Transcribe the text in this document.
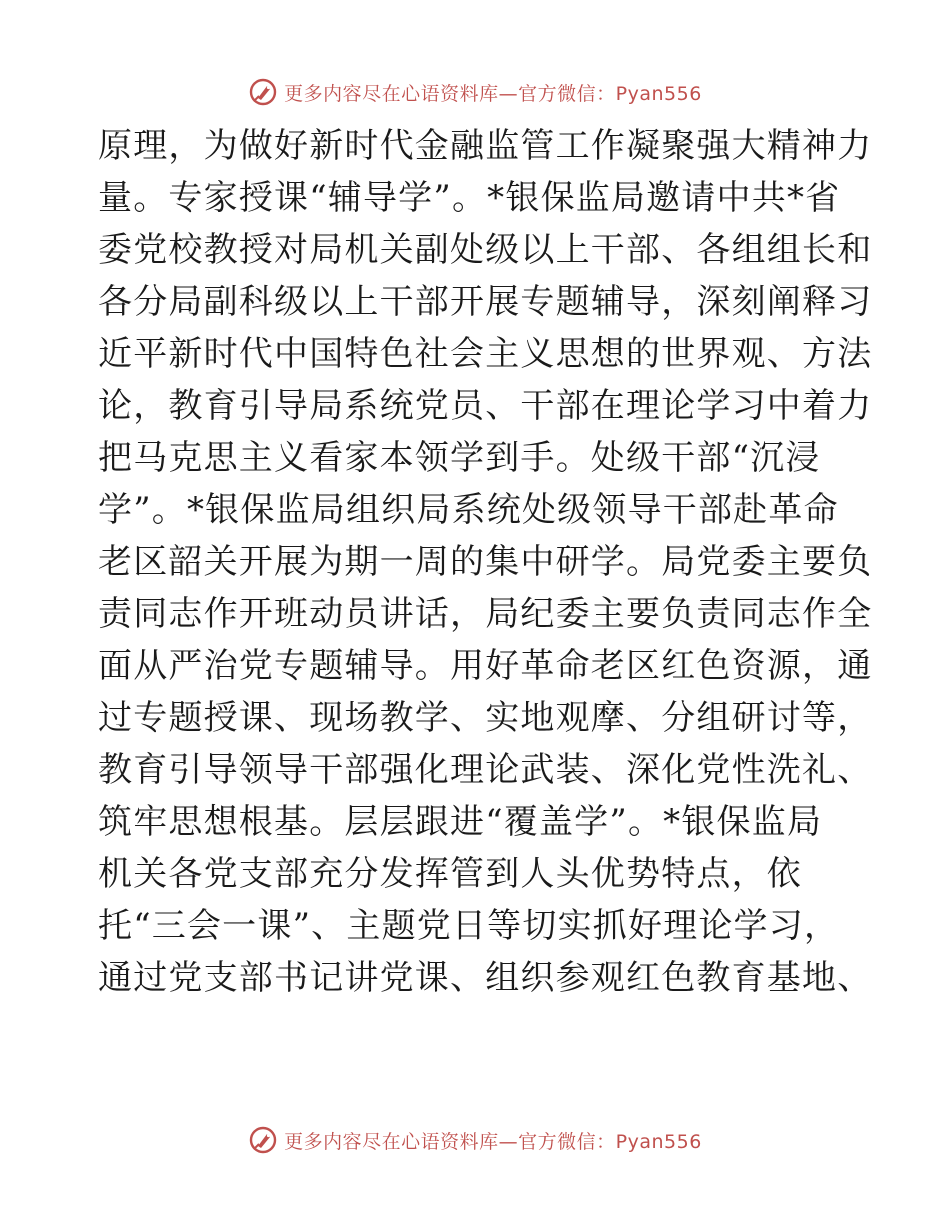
更多内容尽在心语资料库—官方微信：Pyan556
原理，为做好新时代金融监管工作凝聚强大精神力
量。专家授课“辅导学”。*银保监局邀请中共*省
委党校教授对局机关副处级以上干部、各组组长和
各分局副科级以上干部开展专题辅导，深刻阐释习
近平新时代中国特色社会主义思想的世界观、方法
论，教育引导局系统党员、干部在理论学习中着力
把马克思主义看家本领学到手。处级干部“沉浸
学”。*银保监局组织局系统处级领导干部赴革命
老区韶关开展为期一周的集中研学。局党委主要负
责同志作开班动员讲话，局纪委主要负责同志作全
面从严治党专题辅导。用好革命老区红色资源，通
过专题授课、现场教学、实地观摩、分组研讨等，
教育引导领导干部强化理论武装、深化党性洗礼、
筑牢思想根基。层层跟进“覆盖学”。*银保监局
机关各党支部充分发挥管到人头优势特点，依
托“三会一课”、主题党日等切实抓好理论学习，
通过党支部书记讲党课、组织参观红色教育基地、
更多内容尽在心语资料库—官方微信：Pyan556
